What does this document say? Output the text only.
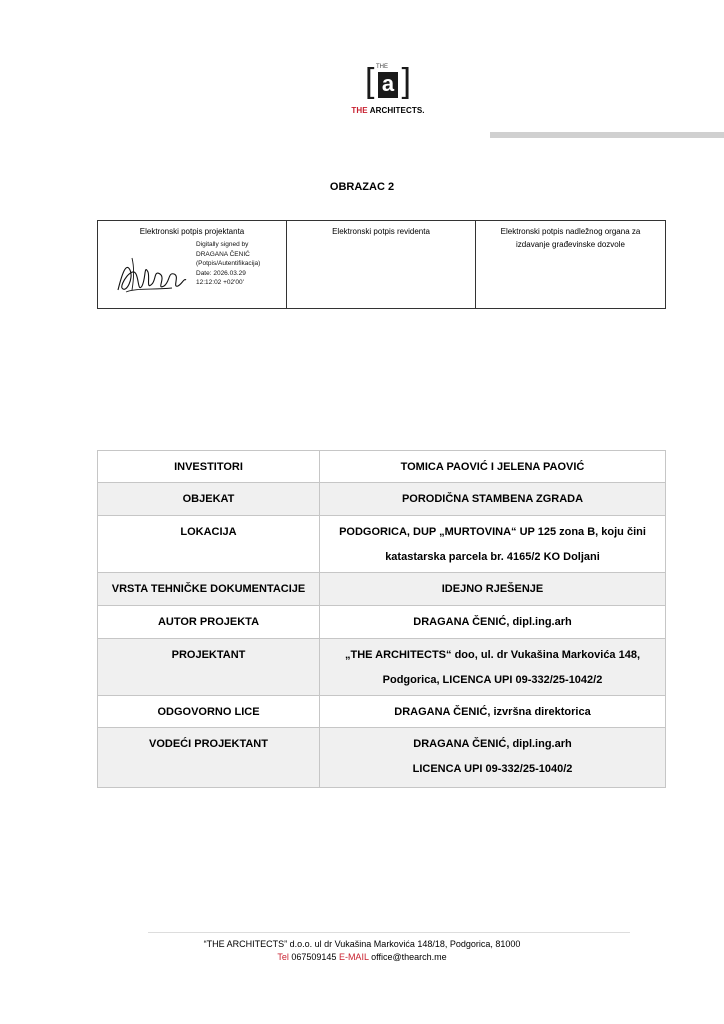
[ THE
a ]
THE ARCHITECTS.
OBRAZAC 2
Elektronski potpis projektanta
Digitally signed by
DRAGANA ČENIĆ
(Potpis/Autentifikacija)
Date: 2026.03.29
12:12:02 +02'00'

Elektronski potpis revidenta	Elektronski potpis nadležnog organa za
izdavanje građevinske dozvole
INVESTITORI	TOMICA PAOVIĆ I JELENA PAOVIĆ

OBJEKAT	PORODIČNA STAMBENA ZGRADA

LOKACIJA	PODGORICA, DUP „MURTOVINA“ UP 125 zona B, koju čini
katastarska parcela br. 4165/2 KO Doljani

VRSTA TEHNIČKE DOKUMENTACIJE	IDEJNO RJEŠENJE

AUTOR PROJEKTA	DRAGANA ČENIĆ, dipl.ing.arh

PROJEKTANT	„THE ARCHITECTS“ doo, ul. dr Vukašina Markovića 148,
Podgorica, LICENCA UPI 09-332/25-1042/2

ODGOVORNO LICE	DRAGANA ČENIĆ, izvršna direktorica

VODEĆI PROJEKTANT	DRAGANA ČENIĆ, dipl.ing.arh
LICENCA UPI 09-332/25-1040/2
“THE ARCHITECTS” d.o.o. ul dr Vukašina Markovića 148/18, Podgorica, 81000
Tel 067509145 E-MAIL office@thearch.me
